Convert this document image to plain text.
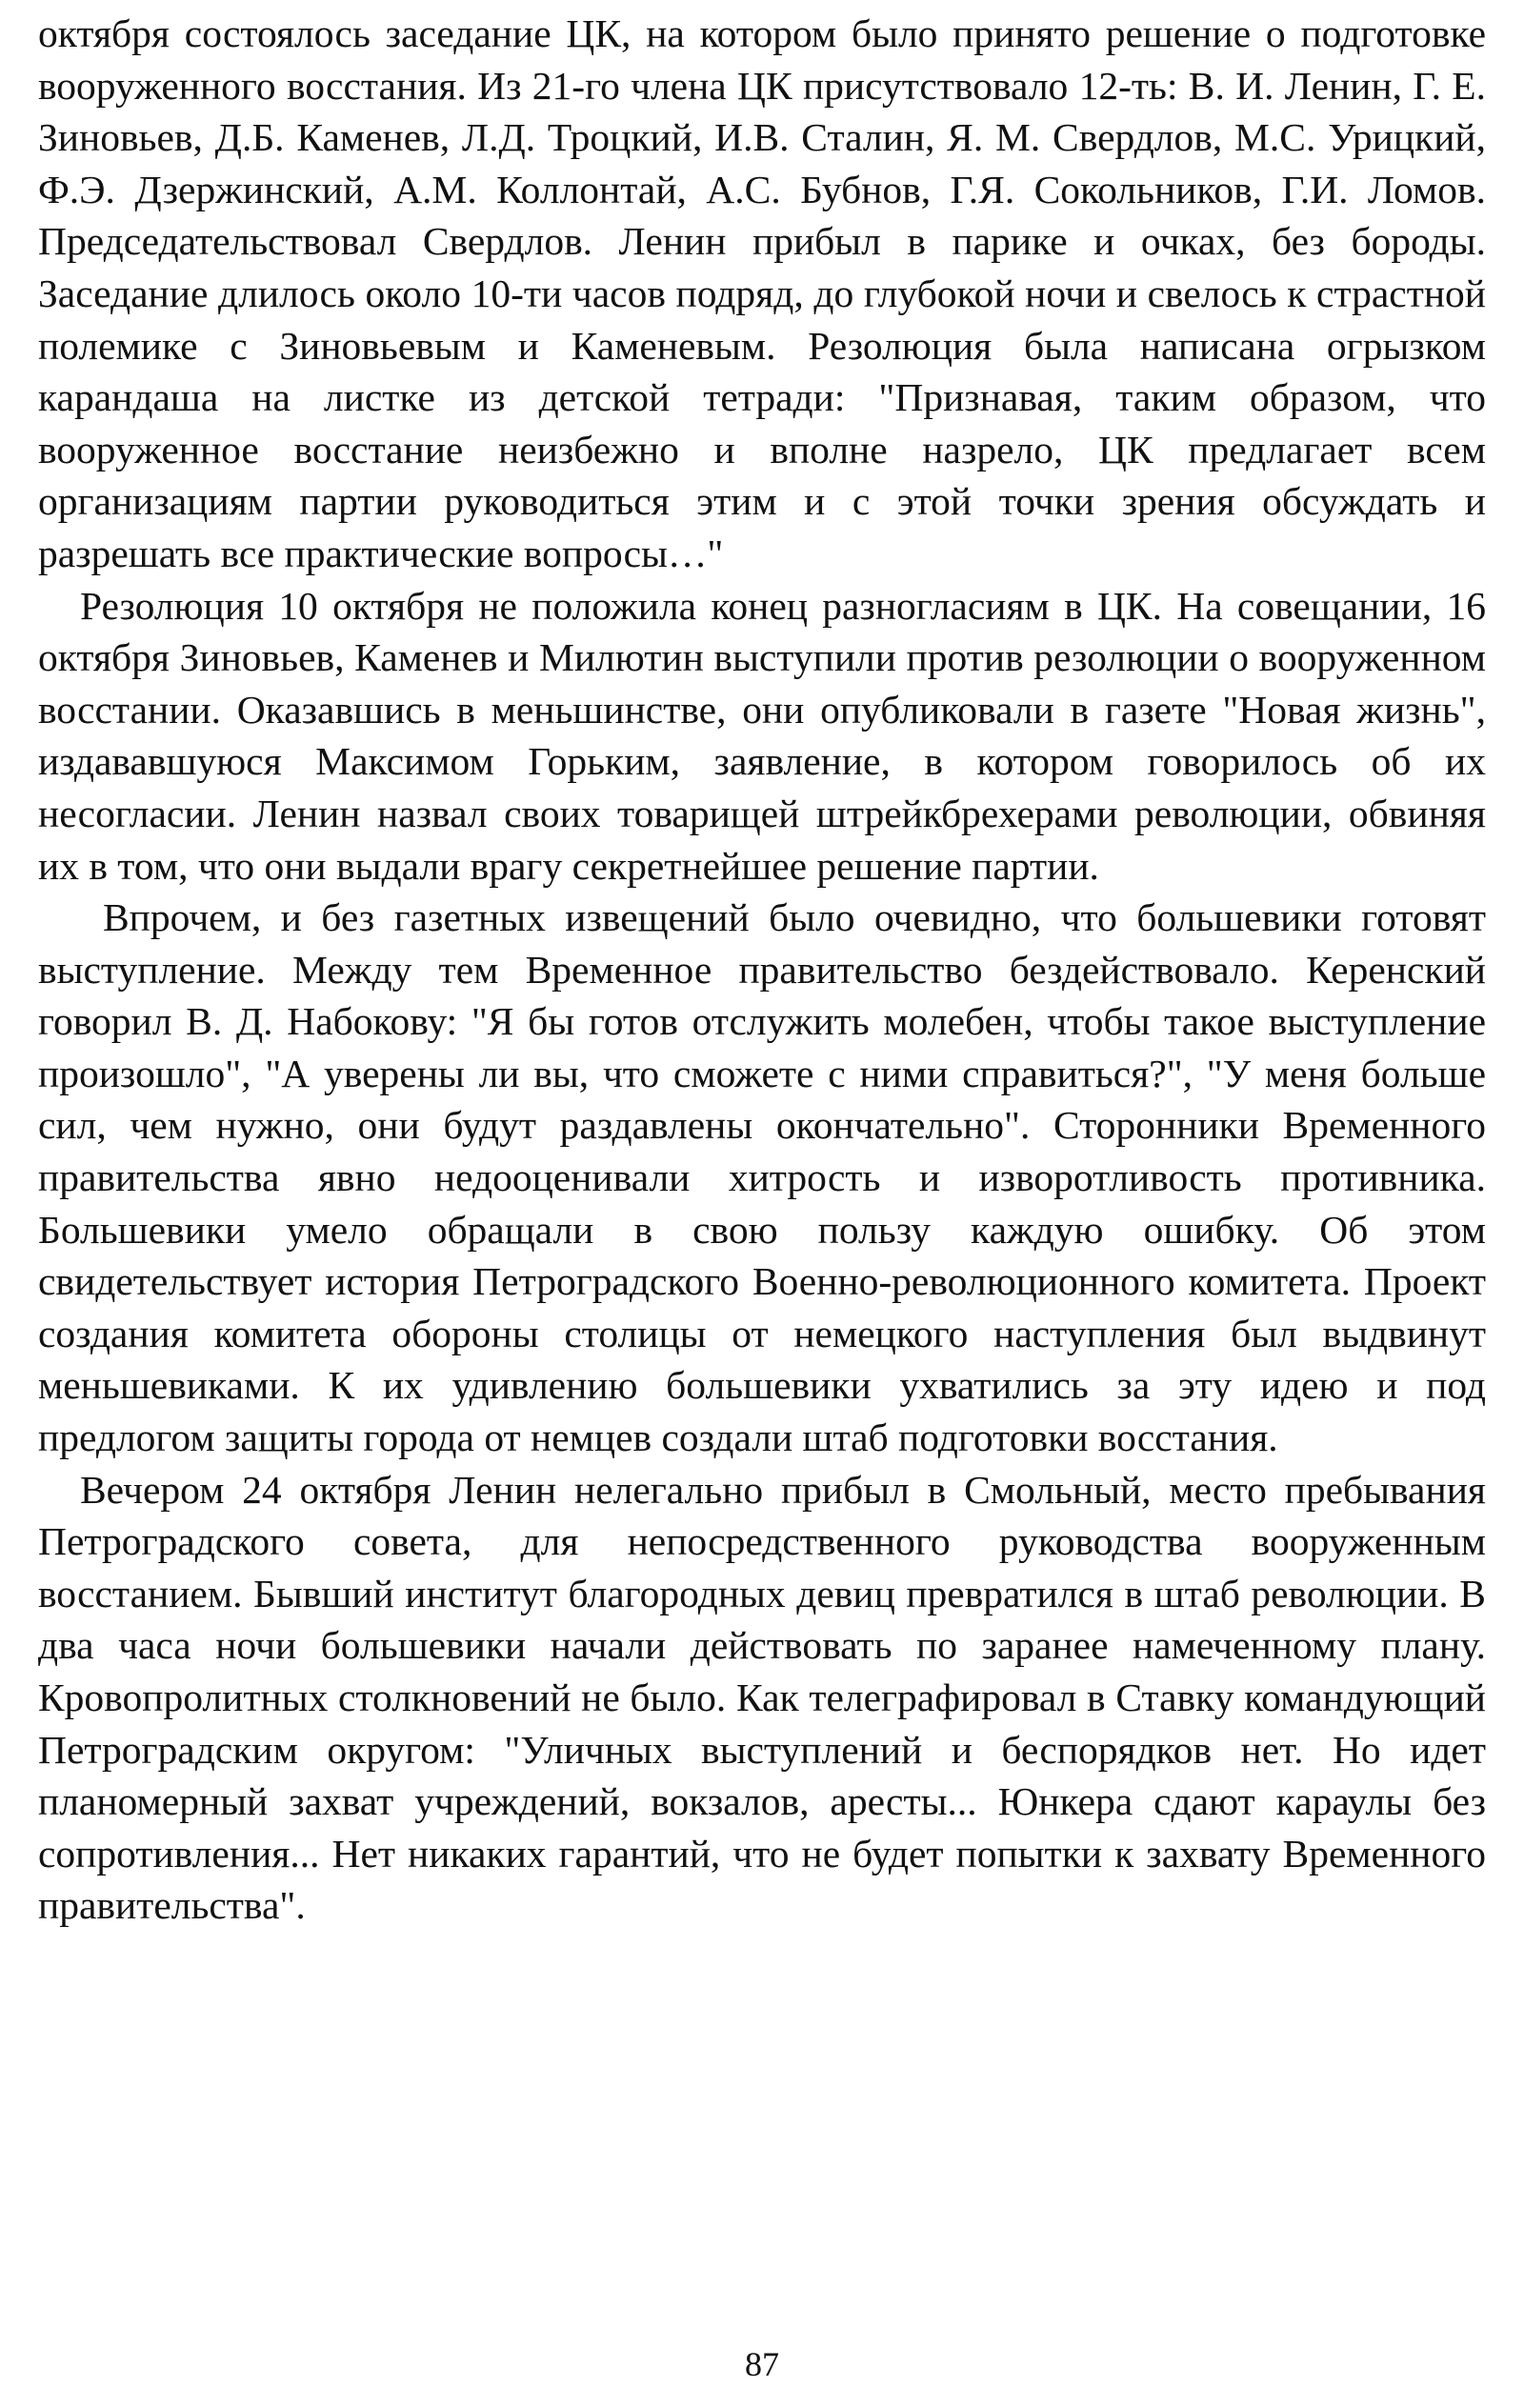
октября состоялось заседание ЦК, на котором было принято решение о подготовке вооруженного восстания. Из 21-го члена ЦК присутствовало 12-ть: В. И. Ленин, Г. Е. Зиновьев, Д.Б. Каменев, Л.Д. Троцкий, И.В. Сталин, Я. М. Свердлов, М.С. Урицкий, Ф.Э. Дзержинский, А.М. Коллонтай, А.С. Бубнов, Г.Я. Сокольников, Г.И. Ломов. Председательствовал Свердлов. Ленин прибыл в парике и очках, без бороды. Заседание длилось около 10-ти часов подряд, до глубокой ночи и свелось к страстной полемике с Зиновьевым и Каменевым. Резолюция была написана огрызком карандаша на листке из детской тетради: "Признавая, таким образом, что вооруженное восстание неизбежно и вполне назрело, ЦК предлагает всем организациям партии руководиться этим и с этой точки зрения обсуждать и разрешать все практические вопросы…"

Резолюция 10 октября не положила конец разногласиям в ЦК. На совещании, 16 октября Зиновьев, Каменев и Милютин выступили против резолюции о вооруженном восстании. Оказавшись в меньшинстве, они опубликовали в газете "Новая жизнь", издававшуюся Максимом Горьким, заявление, в котором говорилось об их несогласии. Ленин назвал своих товарищей штрейкбрехерами революции, обвиняя их в том, что они выдали врагу секретнейшее решение партии.

Впрочем, и без газетных извещений было очевидно, что большевики готовят выступление. Между тем Временное правительство бездействовало. Керенский говорил В. Д. Набокову: "Я бы готов отслужить молебен, чтобы такое выступление произошло", "А уверены ли вы, что сможете с ними справиться?", "У меня больше сил, чем нужно, они будут раздавлены окончательно". Сторонники Временного правительства явно недооценивали хитрость и изворотливость противника. Большевики умело обращали в свою пользу каждую ошибку. Об этом свидетельствует история Петроградского Военно-революционного комитета. Проект создания комитета обороны столицы от немецкого наступления был выдвинут меньшевиками. К их удивлению большевики ухватились за эту идею и под предлогом защиты города от немцев создали штаб подготовки восстания.

Вечером 24 октября Ленин нелегально прибыл в Смольный, место пребывания Петроградского совета, для непосредственного руководства вооруженным восстанием. Бывший институт благородных девиц превратился в штаб революции. В два часа ночи большевики начали действовать по заранее намеченному плану. Кровопролитных столкновений не было. Как телеграфировал в Ставку командующий Петроградским округом: "Уличных выступлений и беспорядков нет. Но идет планомерный захват учреждений, вокзалов, аресты... Юнкера сдают караулы без сопротивления... Нет никаких гарантий, что не будет попытки к захвату Временного правительства".

87
